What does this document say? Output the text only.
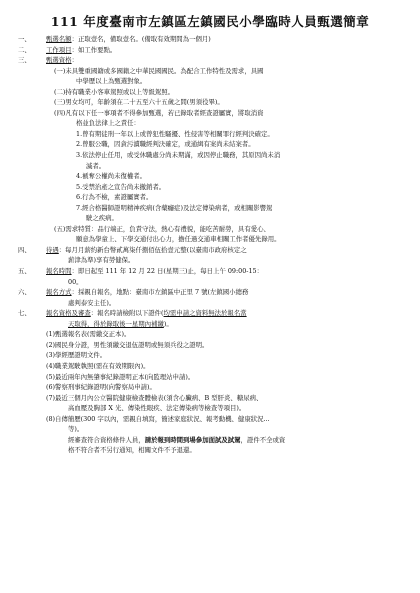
111 年度臺南市左鎮區左鎮國民小學臨時人員甄選簡章
一、 甄選名額：正取壹名，備取壹名。(備取有效期間為一個月)
二、 工作項目：如工作要點。
三、 甄選資格：
(一)未具雙重國籍或多國籍之中華民國國民。為配合工作特性及需求，具國
中學歷以上為甄選對象。
(二)持有職業小客車駕照或以上等級駕照。
(三)男女均可，年齡須在二十五至六十五歲之間(男須役畢)。
(四)凡有以下任一事項者不得參加甄選，若已錄取者經查證屬實，將取消資
格並負法律上之責任：
1.曾有期徒刑一年以上或曾犯性騷擾、性侵害等相關罪行經判決確定。
2.曾服公職，因貪污瀆職經判決確定，或通緝有案尚未結案者。
3.依法停止任用，或受休職處分尚未期滿，或因停止職務，其原因尚未消
滅者。
4.褫奪公權尚未復權者。
5.受禁治產之宣告尚未撤銷者。
6.行為不檢，素證屬實者。
7.經合格醫師證明精神疾病(含藥癮症)及法定傳染病者，或相關影響駕
駛之疾病。
(五)需求特質：品行端正，負責守法，熱心有禮貌，能吃苦耐勞，具有愛心、
願意為學童上、下學交通付出心力，擔任過交通車相關工作者優先錄用。
四、 待遇：每月月薪約新台幣貳萬柒仟捌佰伍拾壹元整(以臺南市政府核定之
薪津為準)享有勞健保。
五、 報名時間：即日起至 111 年 12 月 22 日(星期三)止，每日上午 09:00-15：
00。
六、 報名方式：採親自報名，地點：臺南市左鎮區中正里 7 號(左鎮國小總務
處判泰安主任)。
七、 報名資格及審查：報名時請檢附以下證件(均需申請之資料無法於報名當
天取得，得於錄取後一星期內補繳)。
(1)甄選報名表(需繳交正本)。
(2)國民身分證，男性須繳交退伍證明或無須兵役之證明。
(3)學經歷證明文件。
(4)職業駕駛執照(需在有效期限內)。
(5)最近兩年內無肇事紀錄證明正本(向監理站申請)。
(6)警察刑事紀錄證明(向警察局申請)。
(7)最近三個月內公立醫院健康檢查體檢表(須含心臟病、B 型肝炎、糖尿病、
高血壓及胸部 X 光、傳染性眼疾、法定傳染病等檢查等項目)。
(8)自傳簡歷(300 字以內，需親自填寫，簡述家庭狀況、報考動機、健康狀況...
等)。
經審查符合資格條件人員，請於報到時間到場參加面試及試駕，證件不全或資
格不符合者不另行通知，相關文件不予退還。
